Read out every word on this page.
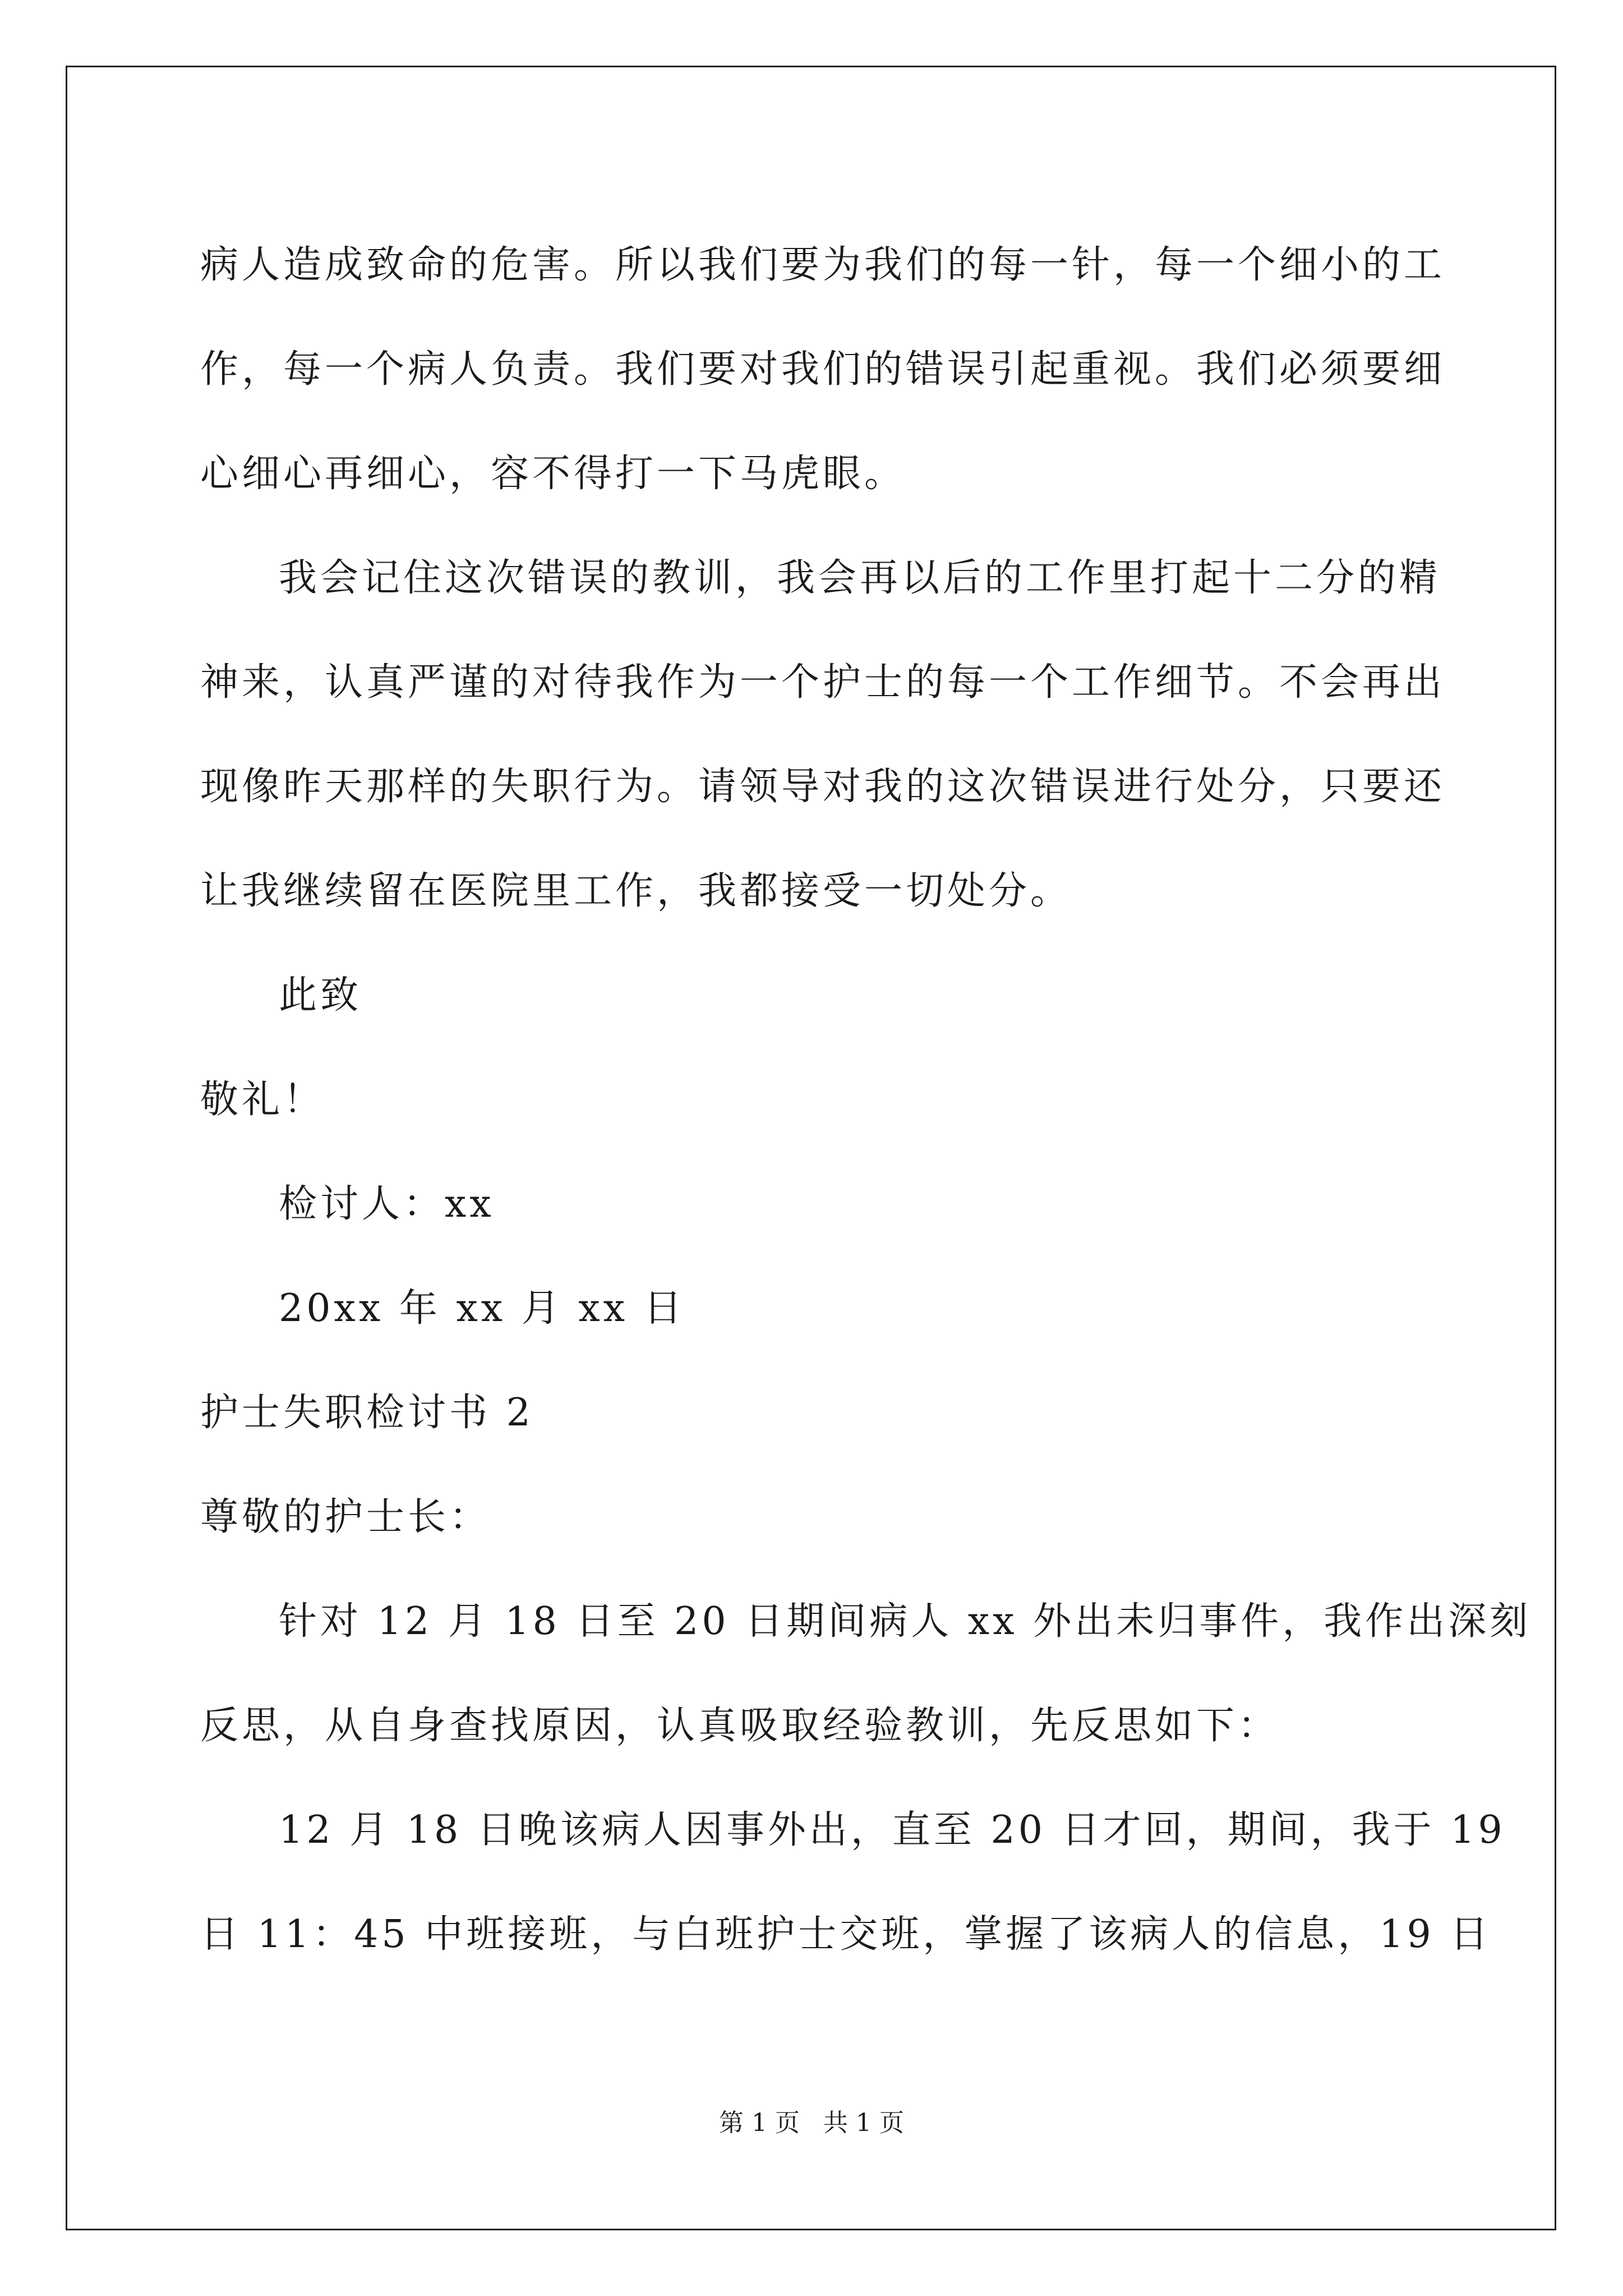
病人造成致命的危害。所以我们要为我们的每一针，每一个细小的工
作，每一个病人负责。我们要对我们的错误引起重视。我们必须要细
心细心再细心，容不得打一下马虎眼。
我会记住这次错误的教训，我会再以后的工作里打起十二分的精
神来，认真严谨的对待我作为一个护士的每一个工作细节。不会再出
现像昨天那样的失职行为。请领导对我的这次错误进行处分，只要还
让我继续留在医院里工作，我都接受一切处分。
此致
敬礼！
检讨人：xx
20xx 年 xx 月 xx 日
护士失职检讨书 2
尊敬的护士长：
针对 12 月 18 日至 20 日期间病人 xx 外出未归事件，我作出深刻
反思，从自身查找原因，认真吸取经验教训，先反思如下：
12 月 18 日晚该病人因事外出，直至 20 日才回，期间，我于 19
日 11：45 中班接班，与白班护士交班，掌握了该病人的信息，19 日
第 1 页   共 1 页
